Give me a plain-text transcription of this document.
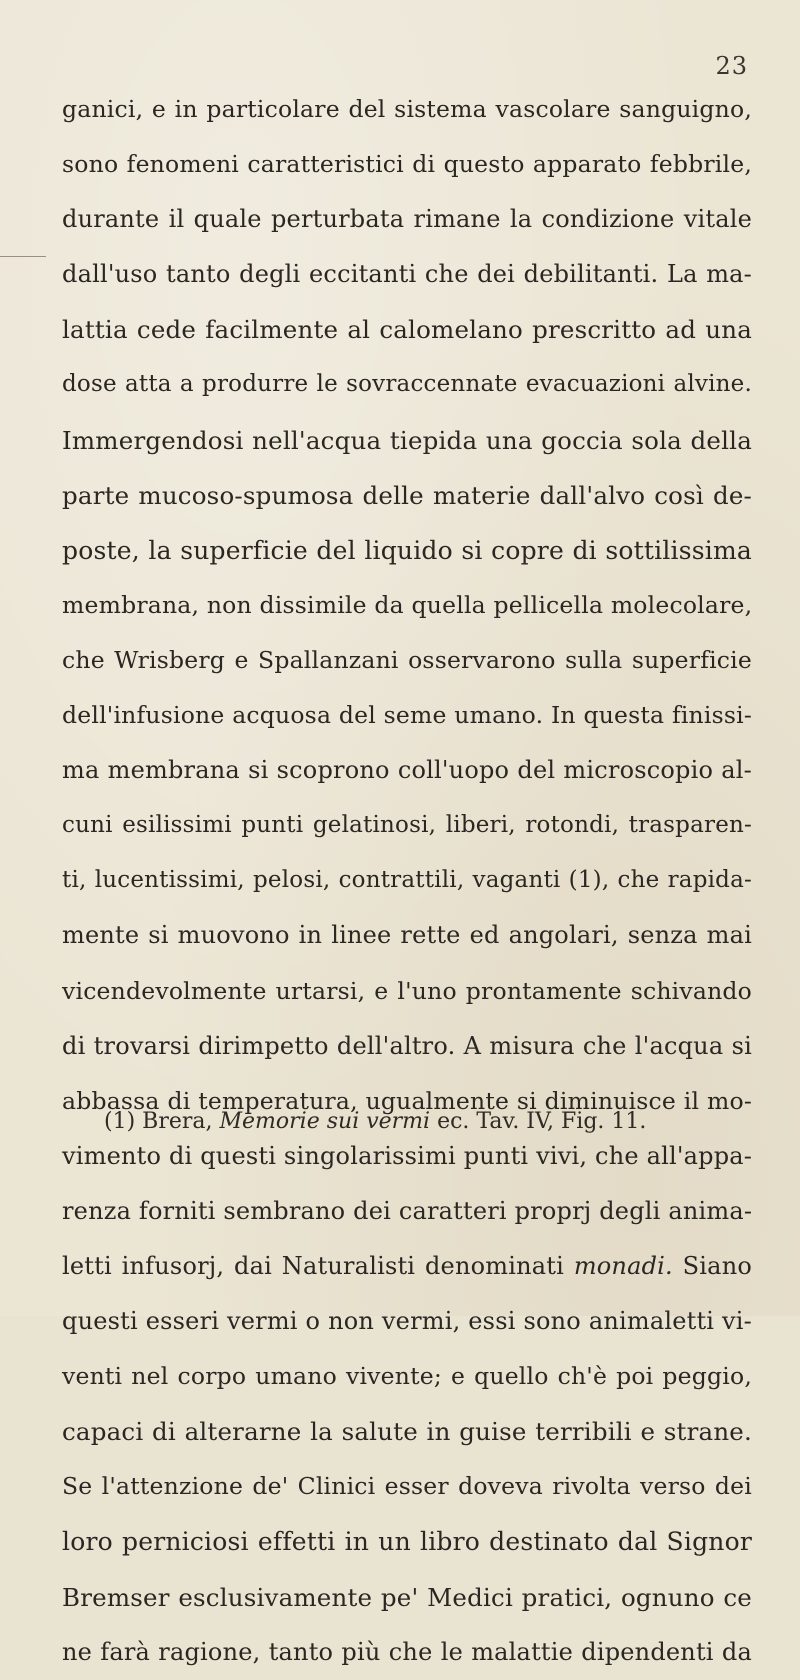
23
ganici, e in particolare del sistema vascolare sanguigno,
sono fenomeni caratteristici di questo apparato febbrile,
durante il quale perturbata rimane la condizione vitale
dall'uso tanto degli eccitanti che dei debilitanti. La ma-
lattia cede facilmente al calomelano prescritto ad una
dose atta a produrre le sovraccennate evacuazioni alvine.
Immergendosi nell'acqua tiepida una goccia sola della
parte mucoso-spumosa delle materie dall'alvo così de-
poste, la superficie del liquido si copre di sottilissima
membrana, non dissimile da quella pellicella molecolare,
che Wrisberg e Spallanzani osservarono sulla superficie
dell'infusione acquosa del seme umano. In questa finissi-
ma membrana si scoprono coll'uopo del microscopio al-
cuni esilissimi punti gelatinosi, liberi, rotondi, trasparen-
ti, lucentissimi, pelosi, contrattili, vaganti (1), che rapida-
mente si muovono in linee rette ed angolari, senza mai
vicendevolmente urtarsi, e l'uno prontamente schivando
di trovarsi dirimpetto dell'altro. A misura che l'acqua si
abbassa di temperatura, ugualmente si diminuisce il mo-
vimento di questi singolarissimi punti vivi, che all'appa-
renza forniti sembrano dei caratteri proprj degli anima-
letti infusorj, dai Naturalisti denominati monadi. Siano
questi esseri vermi o non vermi, essi sono animaletti vi-
venti nel corpo umano vivente; e quello ch'è poi peggio,
capaci di alterarne la salute in guise terribili e strane.
Se l'attenzione de' Clinici esser doveva rivolta verso dei
loro perniciosi effetti in un libro destinato dal Signor
Bremser esclusivamente pe' Medici pratici, ognuno ce
ne farà ragione, tanto più che le malattie dipendenti da
(1) Brera, Memorie sui vermi ec. Tav. IV, Fig. 11.
